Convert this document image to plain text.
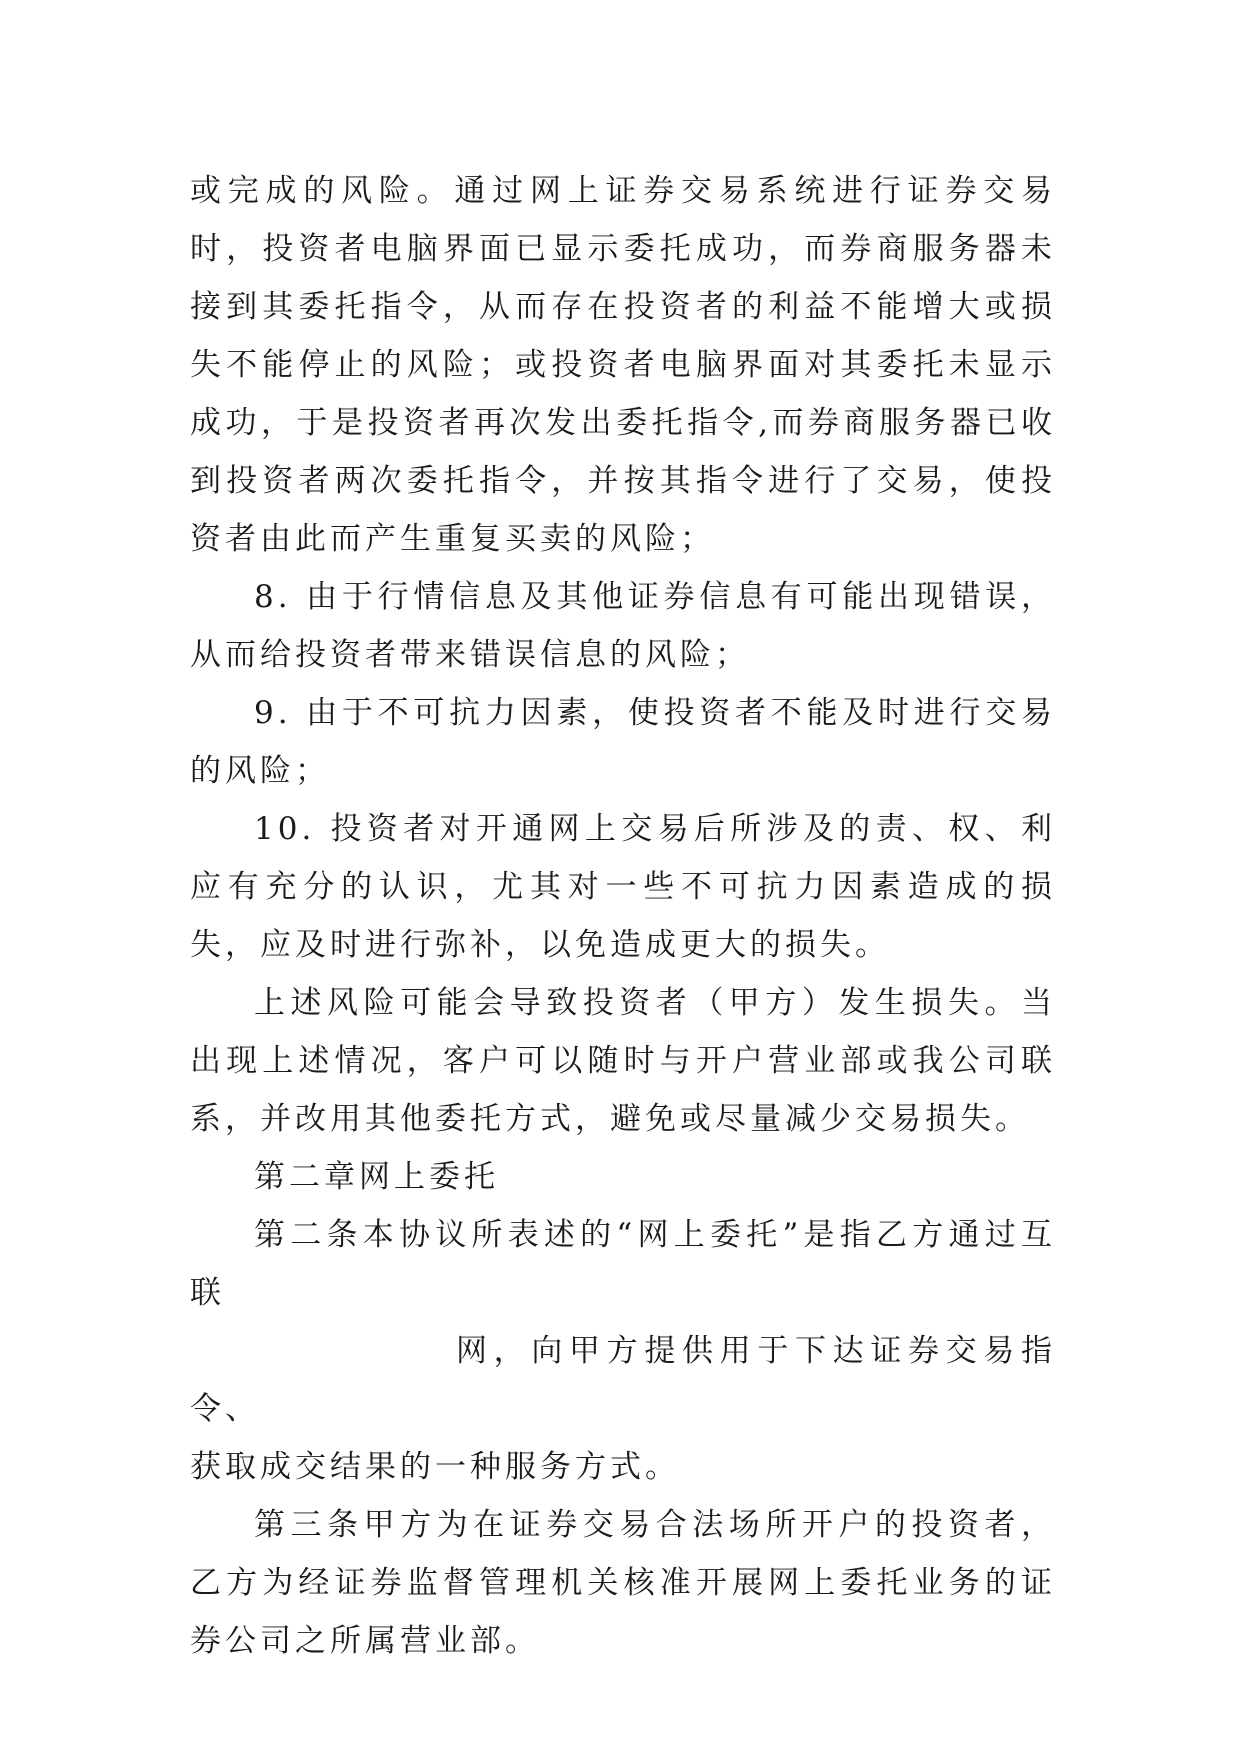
或完成的风险。通过网上证券交易系统进行证券交易时，投资者电脑界面已显示委托成功，而券商服务器未接到其委托指令，从而存在投资者的利益不能增大或损失不能停止的风险；或投资者电脑界面对其委托未显示成功，于是投资者再次发出委托指令,而券商服务器已收到投资者两次委托指令，并按其指令进行了交易，使投资者由此而产生重复买卖的风险；

8. 由于行情信息及其他证券信息有可能出现错误，从而给投资者带来错误信息的风险；

9. 由于不可抗力因素，使投资者不能及时进行交易的风险；

10. 投资者对开通网上交易后所涉及的责、权、利应有充分的认识，尤其对一些不可抗力因素造成的损失，应及时进行弥补，以免造成更大的损失。

上述风险可能会导致投资者（甲方）发生损失。当出现上述情况，客户可以随时与开户营业部或我公司联系，并改用其他委托方式，避免或尽量减少交易损失。

第二章网上委托

第二条本协议所表述的“网上委托”是指乙方通过互联

网，向甲方提供用于下达证券交易指令、

获取成交结果的一种服务方式。

第三条甲方为在证券交易合法场所开户的投资者，乙方为经证券监督管理机关核准开展网上委托业务的证券公司之所属营业部。
